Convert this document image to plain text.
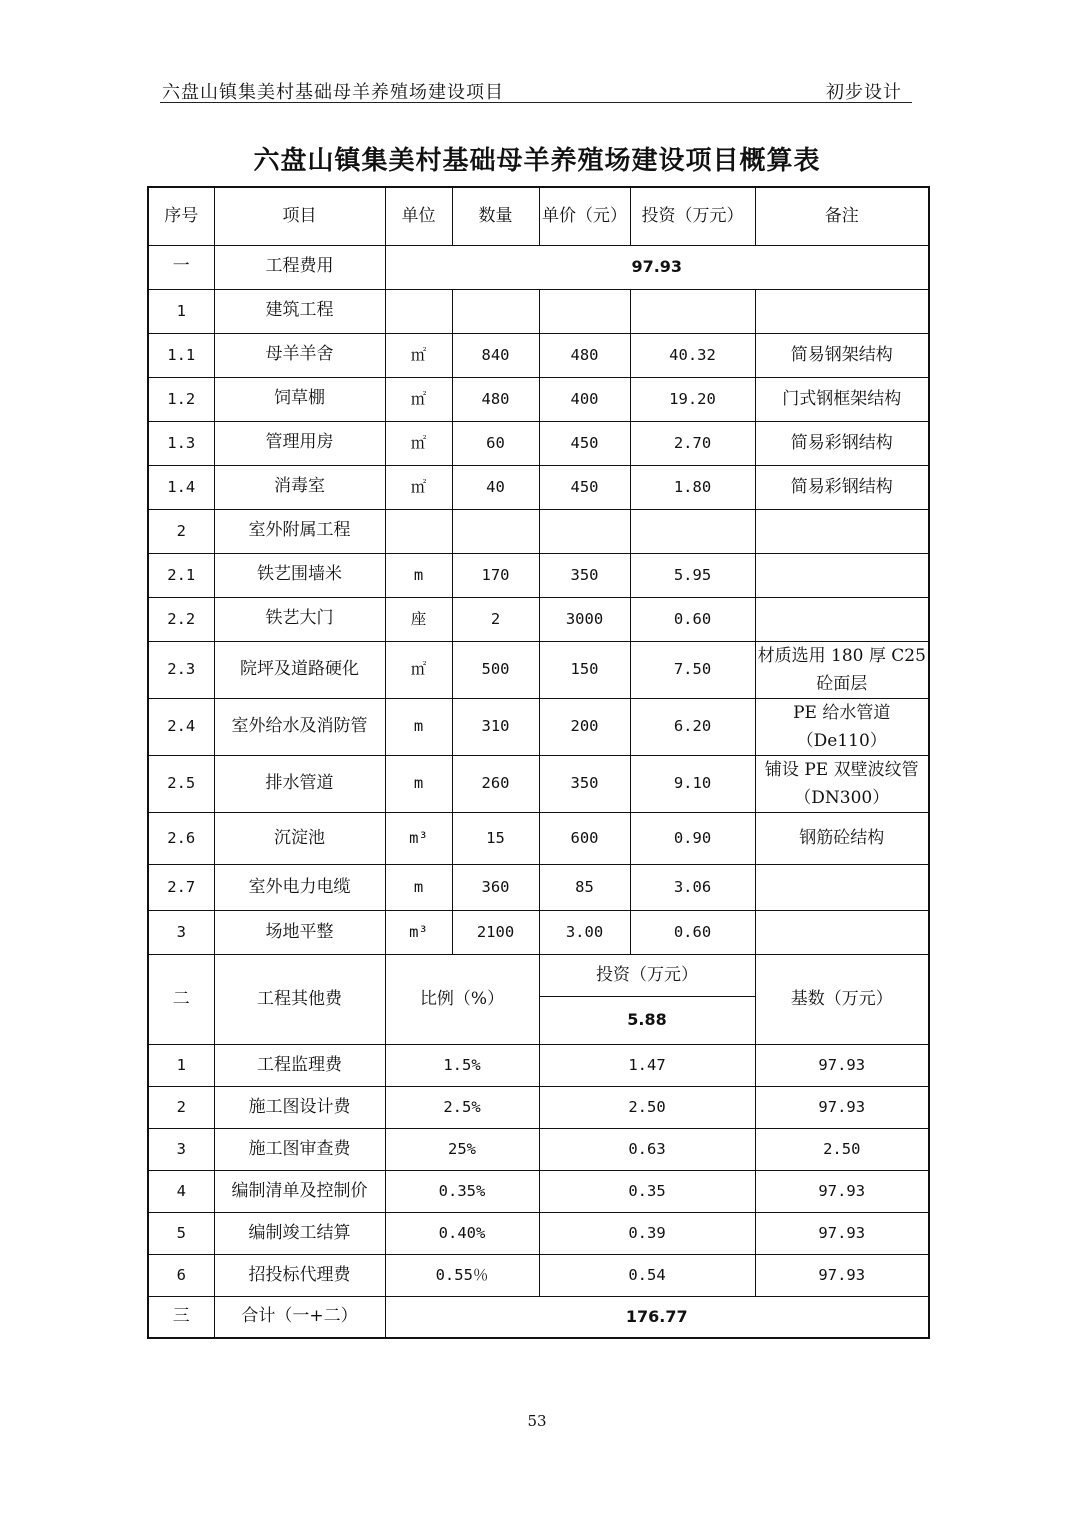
六盘山镇集美村基础母羊养殖场建设项目	初步设计
六盘山镇集美村基础母羊养殖场建设项目概算表
序号	项目	单位	数量	单价（元）	投资（万元）	备注
一	工程费用	97.93				
1	建筑工程					
1.1	母羊羊舍	㎡	840	480	40.32	简易钢架结构
1.2	饲草棚	㎡	480	400	19.20	门式钢框架结构
1.3	管理用房	㎡	60	450	2.70	简易彩钢结构
1.4	消毒室	㎡	40	450	1.80	简易彩钢结构
2	室外附属工程					
2.1	铁艺围墙米	m	170	350	5.95	
2.2	铁艺大门	座	2	3000	0.60	
2.3	院坪及道路硬化	㎡	500	150	7.50	材质选用 180 厚 C25 砼面层
2.4	室外给水及消防管	m	310	200	6.20	PE 给水管道（De110）
2.5	排水管道	m	260	350	9.10	铺设 PE 双壁波纹管（DN300）
2.6	沉淀池	m³	15	600	0.90	钢筋砼结构
2.7	室外电力电缆	m	360	85	3.06	
3	场地平整	m³	2100	3.00	0.60	
二	工程其他费	比例（%）		投资（万元）		基数（万元）
				5.88		
1	工程监理费	1.5%		1.47		97.93
2	施工图设计费	2.5%		2.50		97.93
3	施工图审查费	25%		0.63		2.50
4	编制清单及控制价	0.35%		0.35		97.93
5	编制竣工结算	0.40%		0.39		97.93
6	招投标代理费	0.55％		0.54		97.93
三	合计（一+二）	176.77				
53
